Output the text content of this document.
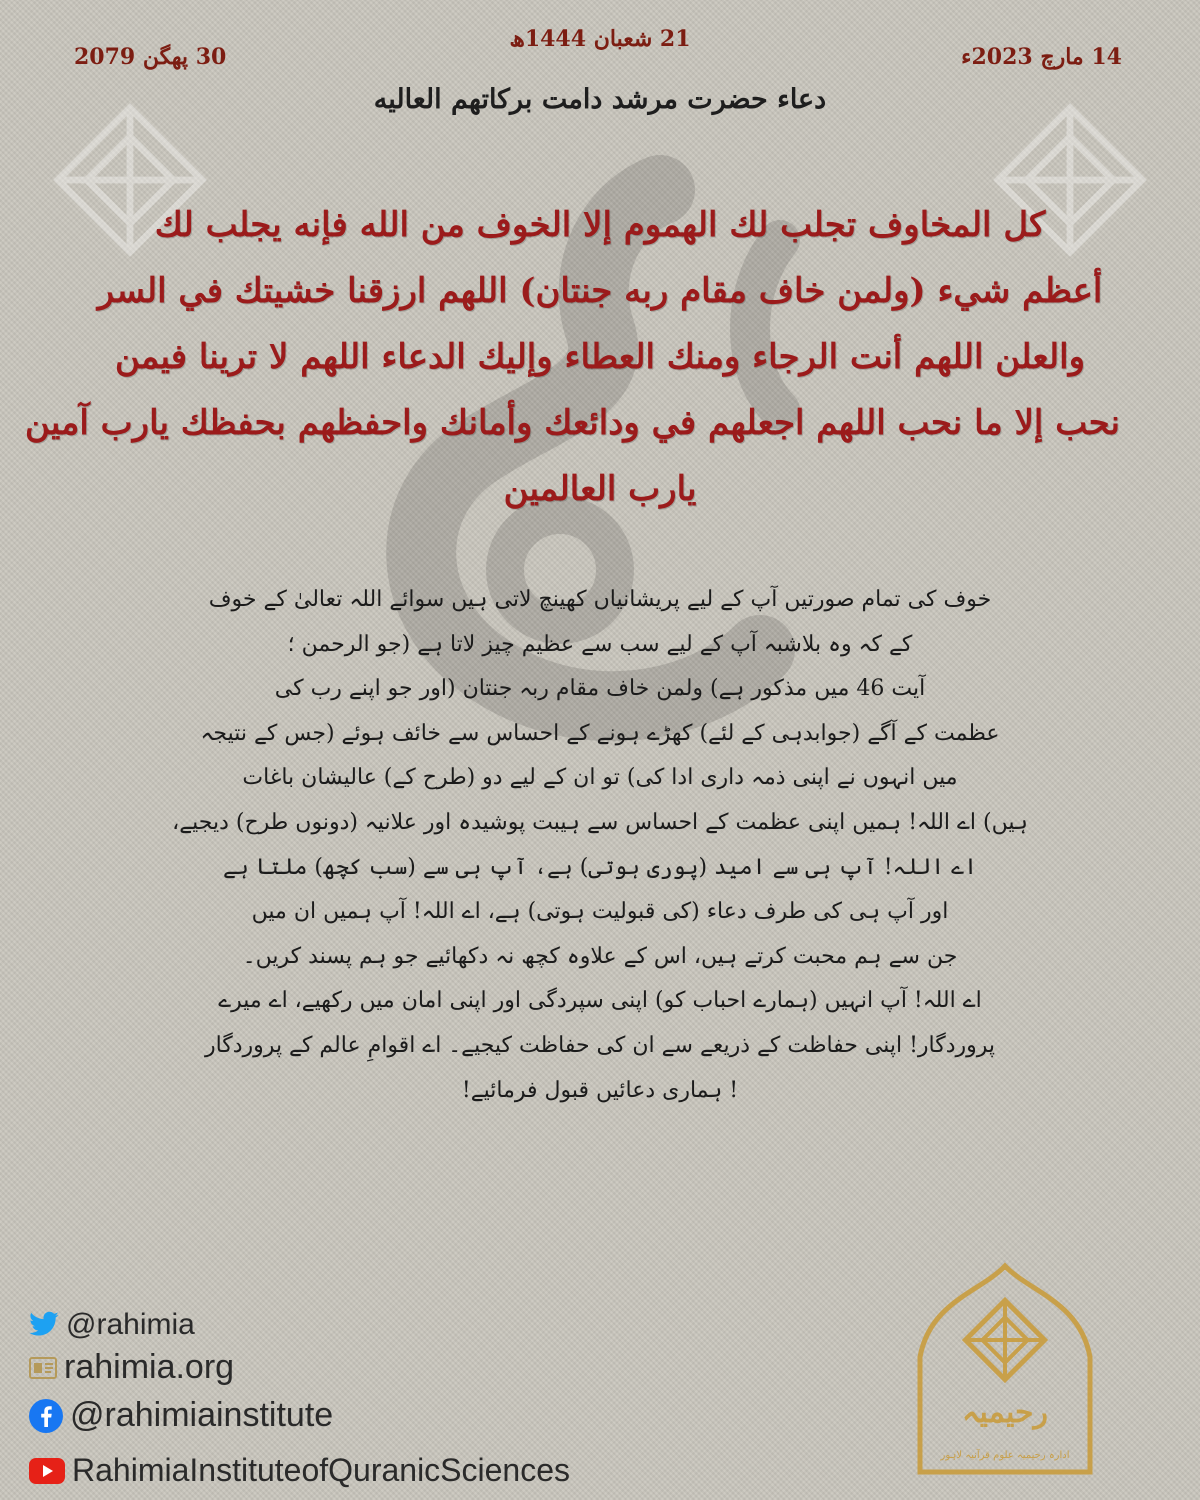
21 شعبان 1444ھ
14 مارچ 2023ء
30 پھگن 2079
دعاء حضرت مرشد دامت برکاتھم العالیه
كل المخاوف تجلب لك الهموم إلا الخوف من الله فإنه يجلب لك
أعظم شيء (ولمن خاف مقام ربه جنتان) اللهم ارزقنا خشيتك في السر
والعلن اللهم أنت الرجاء ومنك العطاء وإليك الدعاء اللهم لا ترينا فيمن
نحب إلا ما نحب اللهم اجعلهم في ودائعك وأمانك واحفظهم بحفظك يارب آمين
يارب العالمين
خوف کی تمام صورتیں آپ کے لیے پریشانیاں کھینچ لاتی ہیں سوائے اللہ تعالیٰ کے خوف
کے کہ وہ بلاشبہ آپ کے لیے سب سے عظیم چیز لاتا ہے (جو الرحمن ؛
آیت 46 میں مذکور ہے) ولمن خاف مقام ربہ جنتان (اور جو اپنے رب کی
عظمت کے آگے (جوابدہی کے لئے) کھڑے ہونے کے احساس سے خائف ہوئے (جس کے نتیجہ
میں انہوں نے اپنی ذمہ داری ادا کی) تو ان کے لیے دو (طرح کے) عالیشان باغات
ہیں) اے اللہ! ہمیں اپنی عظمت کے احساس سے ہیبت پوشیدہ اور علانیہ (دونوں طرح) دیجیے،
اے اللہ! آپ ہی سے امید (پوری ہوتی) ہے، آپ ہی سے (سب کچھ) ملتا ہے
اور آپ ہی کی طرف دعاء (کی قبولیت ہوتی) ہے، اے اللہ! آپ ہمیں ان میں
جن سے ہم محبت کرتے ہیں، اس کے علاوہ کچھ نہ دکھائیے جو ہم پسند کریں۔
اے اللہ! آپ انہیں (ہمارے احباب کو) اپنی سپردگی اور اپنی امان میں رکھیے، اے میرے
پروردگار! اپنی حفاظت کے ذریعے سے ان کی حفاظت کیجیے۔ اے اقوامِ عالم کے پروردگار
! ہماری دعائیں قبول فرمائیے!
@rahimia
rahimia.org
@rahimiainstitute
RahimiaInstituteofQuranicSciences
رحیمیہ
ادارہ رحیمیہ علوم قرآنیہ لاہور
